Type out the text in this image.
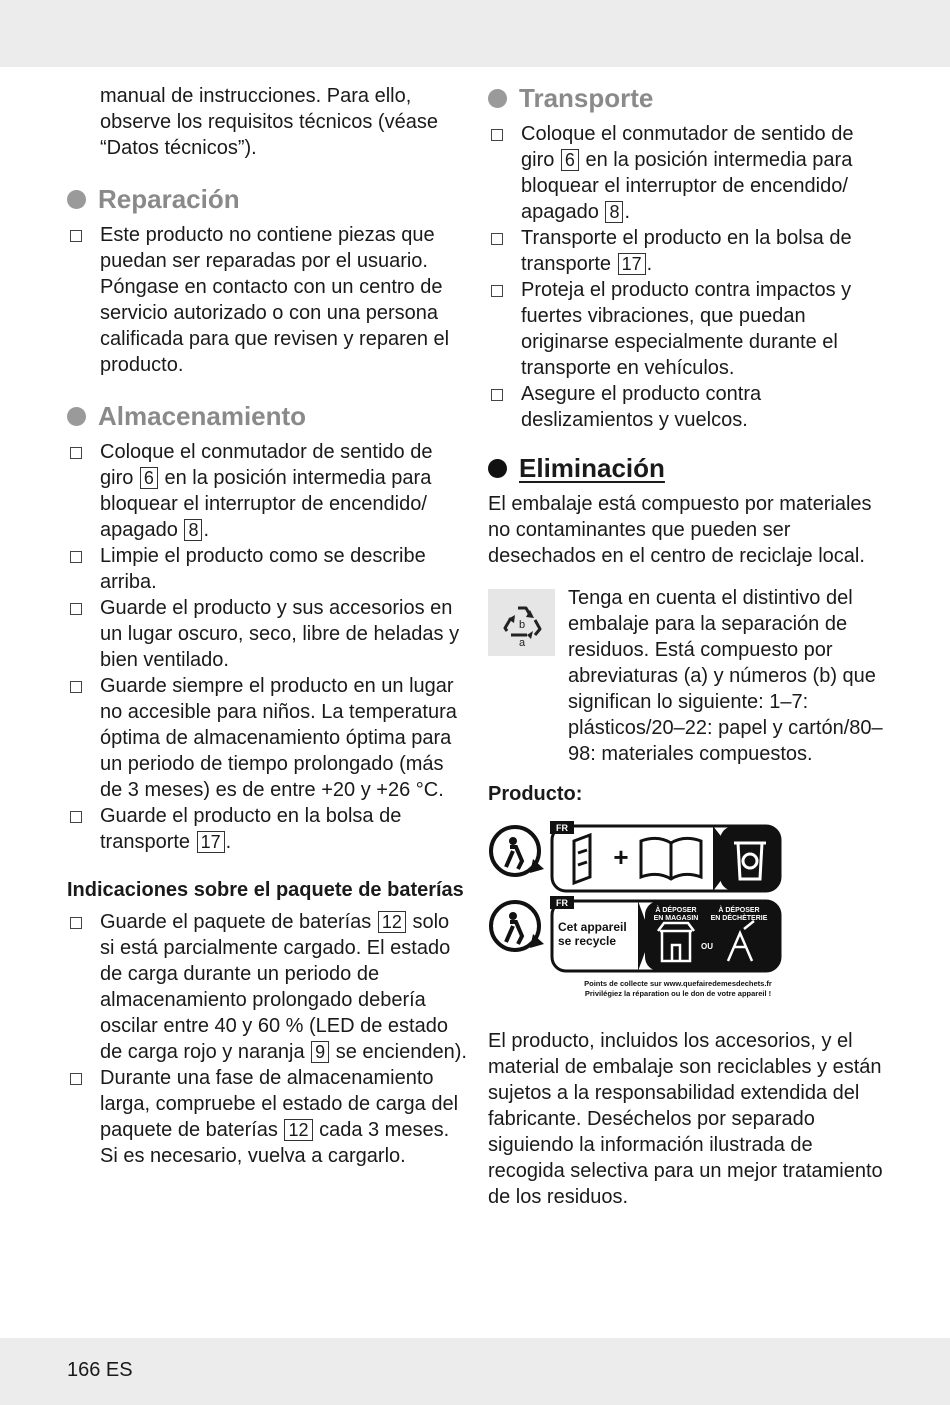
manual de instrucciones. Para ello, observe los requisitos técnicos (véase “Datos técnicos”).

Reparación
Este producto no contiene piezas que puedan ser reparadas por el usuario. Póngase en contacto con un centro de servicio autorizado o con una persona calificada para que revisen y reparen el producto.
Almacenamiento
Coloque el conmutador de sentido de giro 6 en la posición intermedia para bloquear el interruptor de encendido/ apagado 8 .
Limpie el producto como se describe arriba.
Guarde el producto y sus accesorios en un lugar oscuro, seco, libre de heladas y bien ventilado.
Guarde siempre el producto en un lugar no accesible para niños. La temperatura óptima de almacenamiento óptima para un periodo de tiempo prolongado (más de 3 meses) es de entre +20 y +26 °C.
Guarde el producto en la bolsa de transporte 17 .
Indicaciones sobre el paquete de baterías
Guarde el paquete de baterías 12 solo si está parcialmente cargado. El estado de carga durante un periodo de almacenamiento prolongado debería oscilar entre 40 y 60 % (LED de estado de carga rojo y naranja 9 se encienden).
Durante una fase de almacenamiento larga, compruebe el estado de carga del paquete de baterías 12 cada 3 meses. Si es necesario, vuelva a cargarlo.
Transporte
Coloque el conmutador de sentido de giro 6 en la posición intermedia para bloquear el interruptor de encendido/ apagado 8 .
Transporte el producto en la bolsa de transporte 17 .
Proteja el producto contra impactos y fuertes vibraciones, que puedan originarse especialmente durante el transporte en vehículos.
Asegure el producto contra deslizamientos y vuelcos.
Eliminación

El embalaje está compuesto por materiales no contaminantes que pueden ser desechados en el centro de reciclaje local.

b
a

Tenga en cuenta el distintivo del embalaje para la separación de residuos. Está compuesto por abreviaturas (a) y números (b) que significan lo siguiente: 1–7: plásticos/20–22: papel y cartón/80–98: materiales compuestos.

Producto:
FR
+
FR
Cet appareil
se recycle
À DÉPOSER
EN MAGASIN
À DÉPOSER
EN DÉCHÈTERIE
OU
Points de collecte sur www.quefairedemesdechets.fr
Privilégiez la réparation ou le don de votre appareil !

El producto, incluidos los accesorios, y el material de embalaje son reciclables y están sujetos a la responsabilidad extendida del fabricante. Deséchelos por separado siguiendo la información ilustrada de recogida selectiva para un mejor tratamiento de los residuos.

166 ES
